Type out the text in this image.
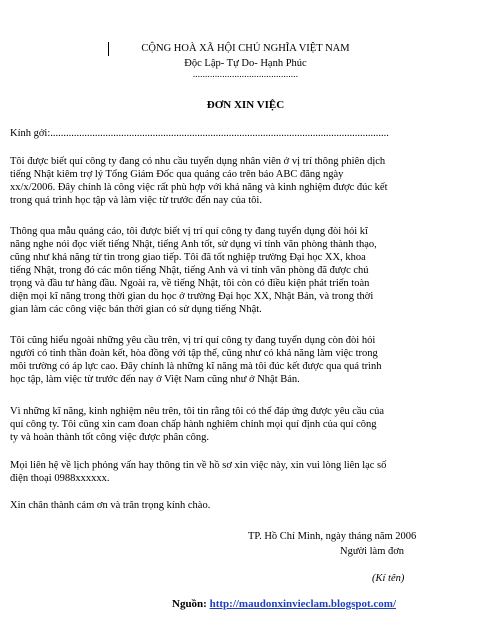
CỘNG HOÀ XÃ HỘI CHỦ NGHĨA VIỆT NAM
Độc Lập- Tự Do- Hạnh Phúc
...........................................
ĐƠN XIN VIỆC
Kính gởi:.................................................................................................................................
Tôi được biết quí công ty đang có nhu cầu tuyển dụng nhân viên ở vị trí thông phiên dịch
tiếng Nhật kiêm trợ lý Tổng Giám Đốc qua quảng cáo trên báo ABC đăng ngày
xx/x/2006. Đây chính là công việc rất phù hợp với khả năng và kinh nghiệm được đúc kết
trong quá trình học tập và làm việc từ trước đến nay của tôi.
Thông qua mẫu quảng cáo, tôi được biết vị trí quí công ty đang tuyển dụng đòi hỏi kĩ
năng nghe nói đọc viết tiếng Nhật, tiếng Anh tốt, sử dụng vi tính văn phòng thành thạo,
cũng như khả năng từ tin trong giao tiếp. Tôi đã tốt nghiệp trường Đại học XX, khoa
tiếng Nhật, trong đó các môn tiếng Nhật, tiếng Anh và vi tính văn phòng đã được chú
trọng và đầu tư hàng đầu. Ngoài ra, về tiếng Nhật, tôi còn có điều kiện phát triển toàn
diện mọi kĩ năng trong thời gian du học ở trường Đại học XX, Nhật Bản, và trong thời
gian làm các công việc bán thời gian có sử dụng tiếng Nhật.
Tôi cũng hiểu ngoài những yêu cầu trên, vị trí quí công ty đang tuyển dụng còn đòi hỏi
người có tinh thần đoàn kết, hòa đồng với tập thể, cũng như có khả năng làm việc trong
môi trường có áp lực cao. Đây chính là những kĩ năng mà tôi đúc kết được qua quá trình
học tập, làm việc từ trước đến nay ở Việt Nam cũng như ở Nhật Bản.
Vì những kĩ năng, kinh nghiệm nêu trên, tôi tin rằng tôi có thể đáp ứng được yêu cầu của
quí công ty. Tôi cũng xin cam đoan chấp hành nghiêm chỉnh mọi quí định của quí công
ty và hoàn thành tốt công việc được phân công.
Mọi liên hệ về lịch phỏng vấn hay thông tin về hồ sơ xin việc này, xin vui lòng liên lạc số
điện thoại 0988xxxxxx.
Xin chân thành cám ơn và trân trọng kính chào.
TP. Hồ Chí Minh, ngày tháng năm 2006
Người làm đơn
(Kí tên)
Nguồn: http://maudonxinvieclam.blogspot.com/
